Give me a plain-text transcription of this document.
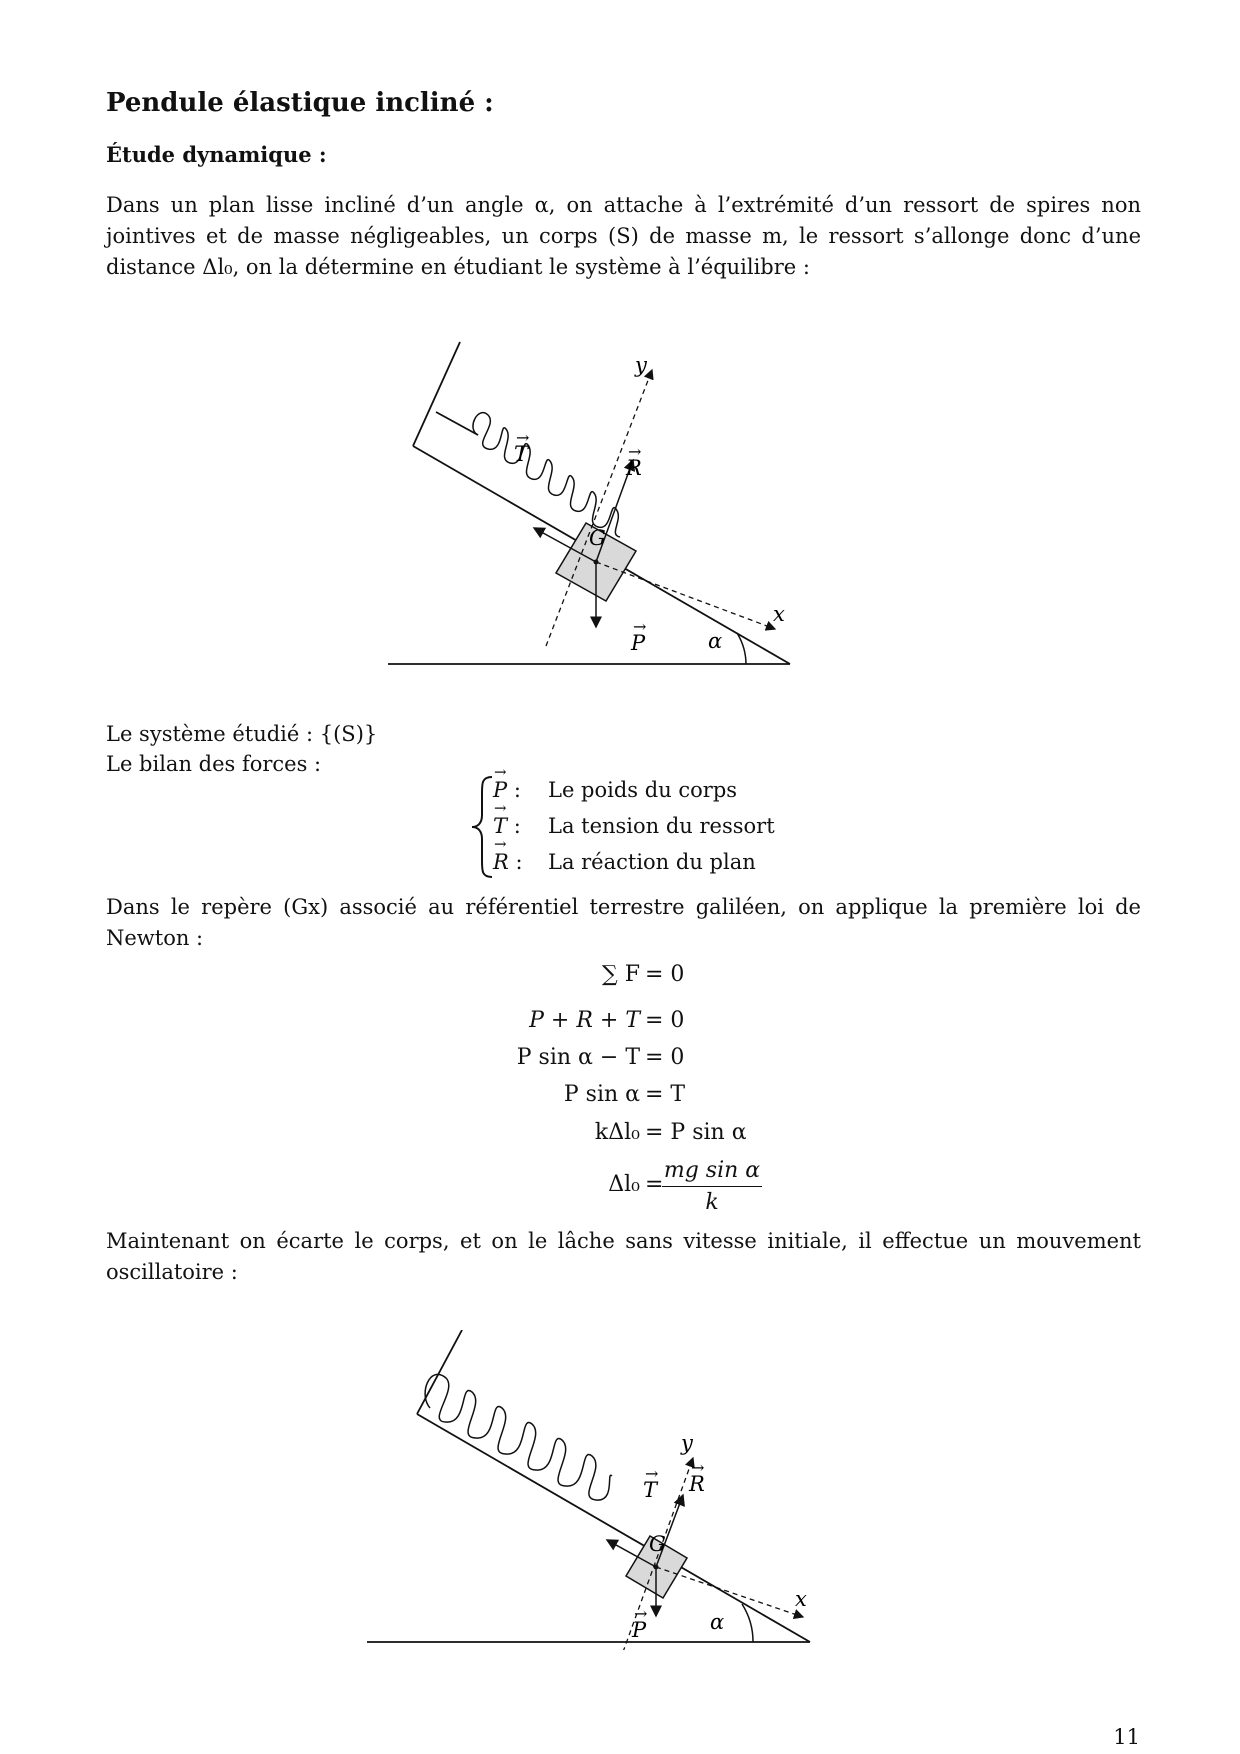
Pendule élastique incliné :
Étude dynamique :
Dans un plan lisse incliné d’un angle α, on attache à l’extrémité d’un ressort de spires non jointives et de masse négligeables, un corps (S) de masse m, le ressort s’allonge donc d’une distance Δl₀, on la détermine en étudiant le système à l’équilibre :
T
→
R
→
G
P
→
α
x
y
Le système étudié : {(S)}
Le bilan des forces :	→
P : Le poids du corps
→
T : La tension du ressort
→
R : La réaction du plan
Dans le repère (Gx) associé au référentiel terrestre galiléen, on applique la première loi de Newton :
∑ F = 0
P + R + T = 0
P sin α − T = 0
P sin α = T
kΔl₀ = P sin α
Δl₀ =
mg sin α
k
Maintenant on écarte le corps, et on le lâche sans vitesse initiale, il effectue un mouvement oscillatoire :
T
→ R
→
G
P
→	α
x
y
11
